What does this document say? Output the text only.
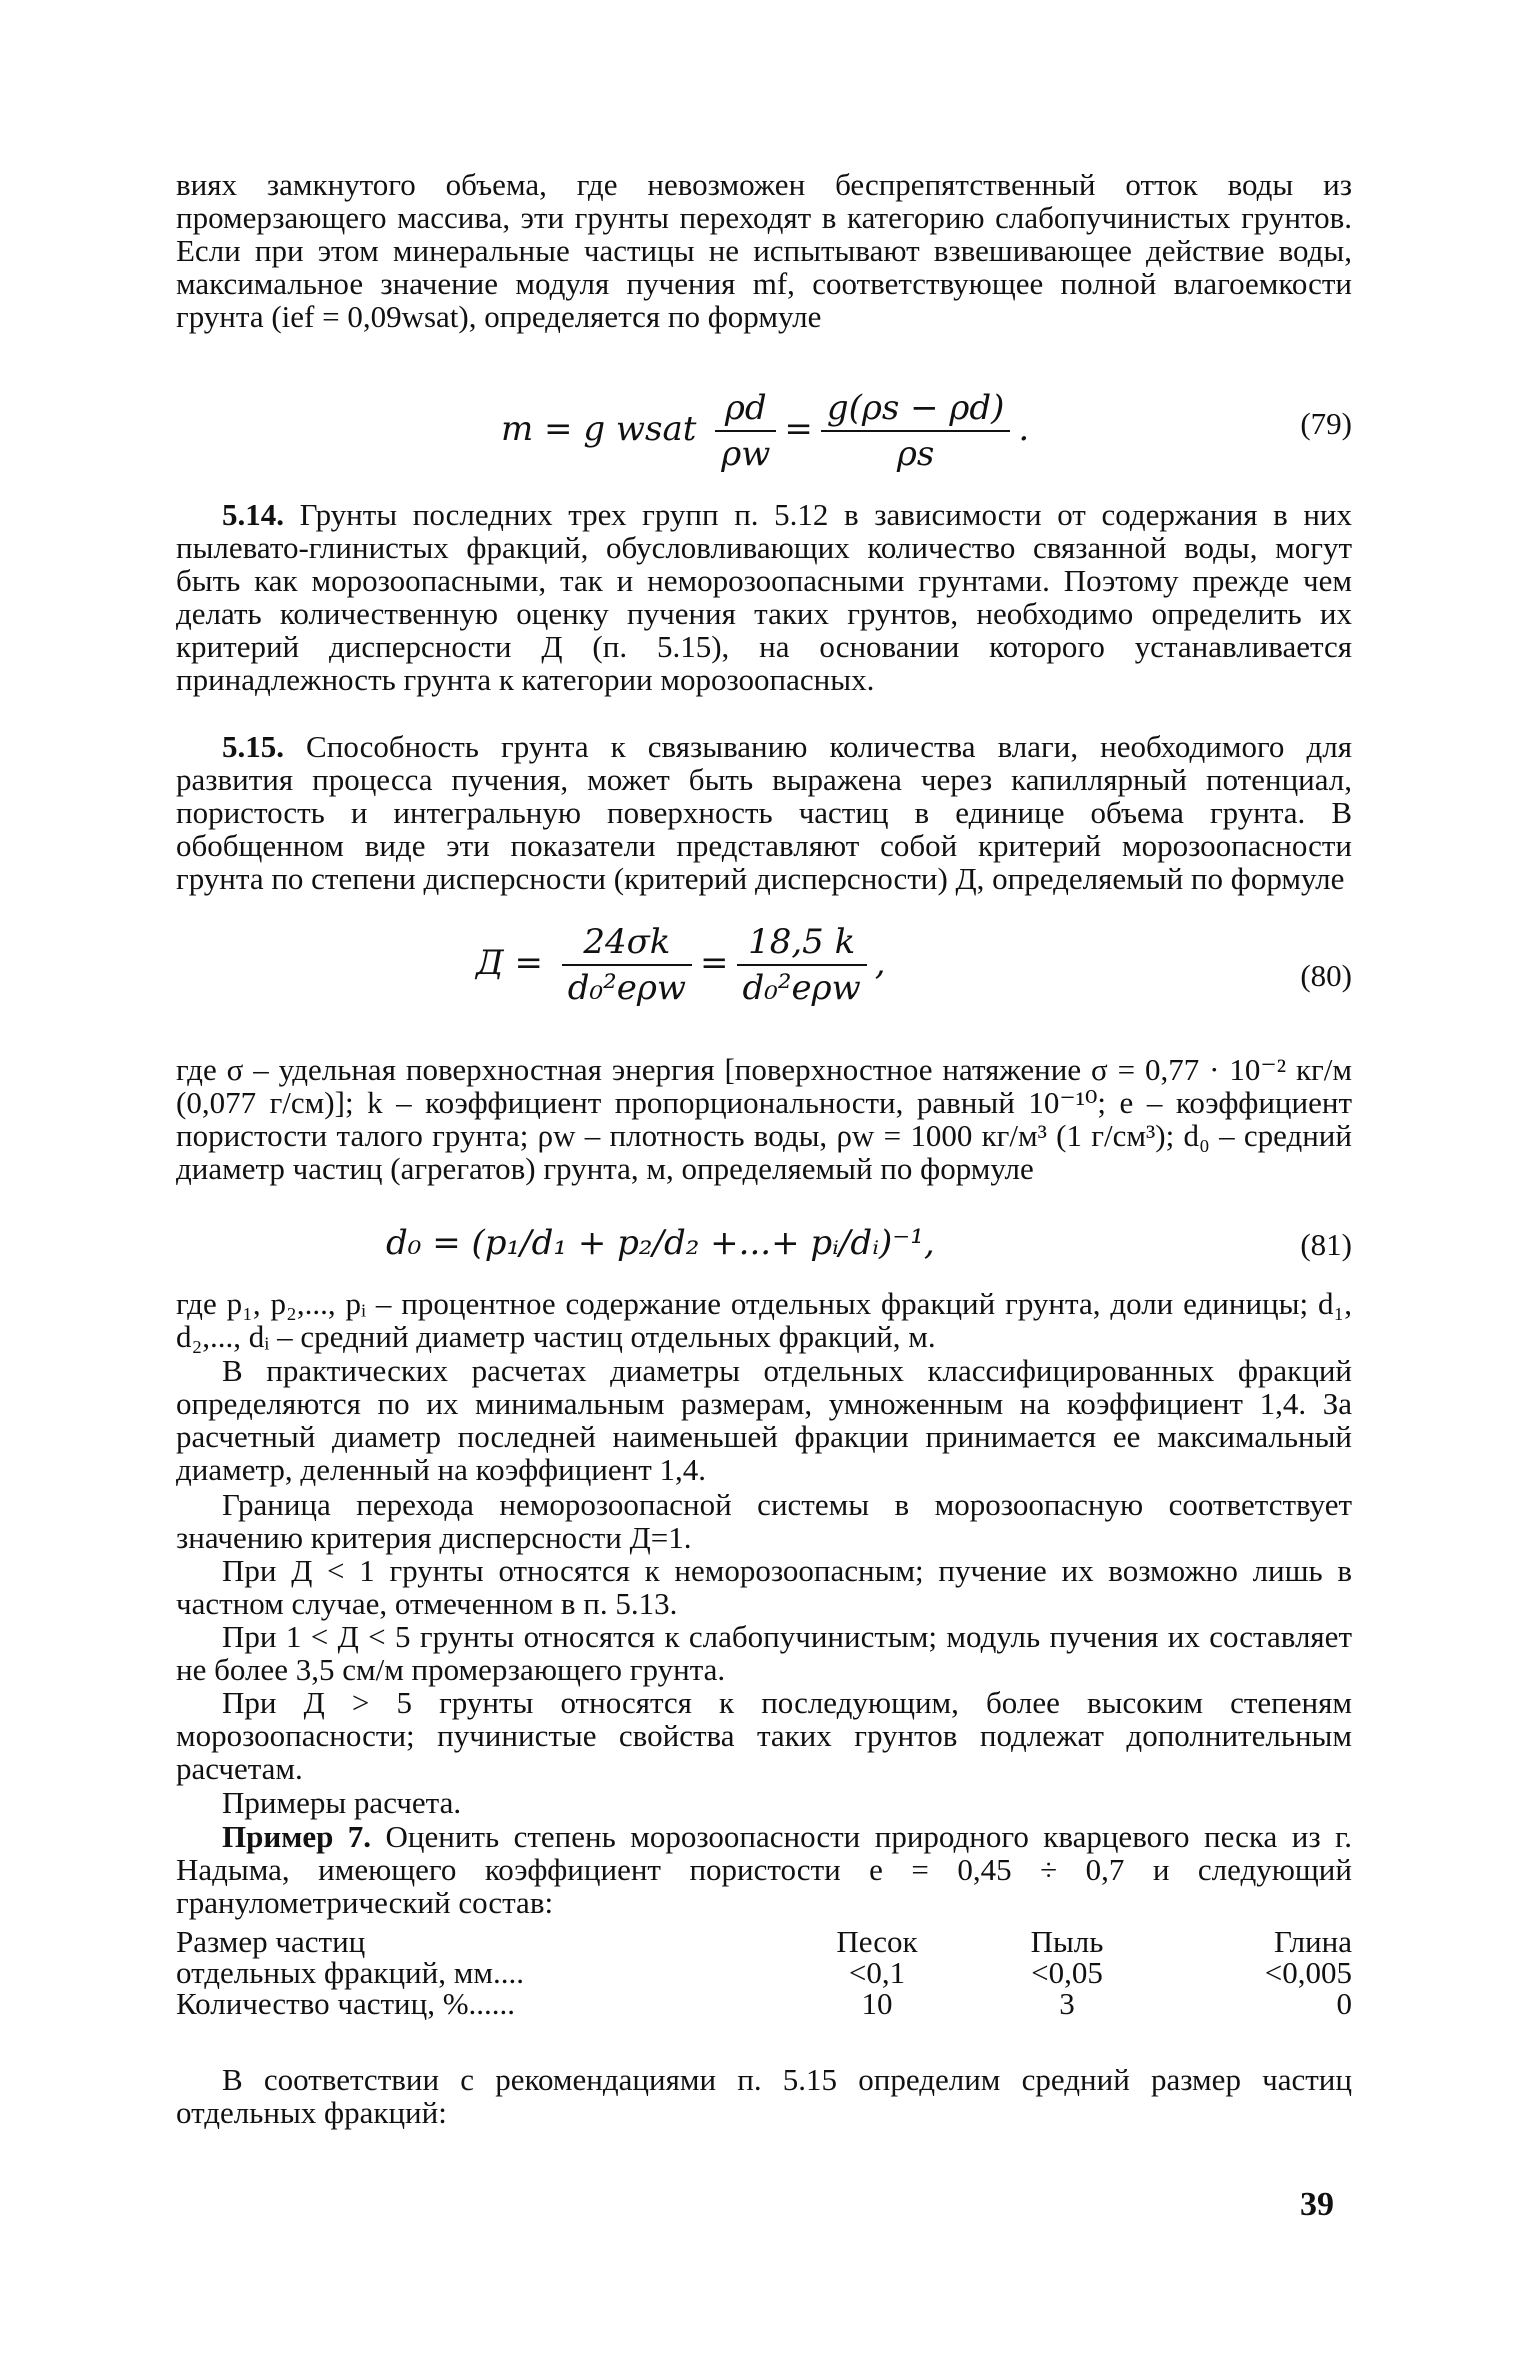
виях замкнутого объема, где невозможен беспрепятственный отток воды из промерзающего массива, эти грунты переходят в категорию слабопучинистых грунтов. Если при этом минеральные частицы не испытывают взвешивающее действие воды, максимальное значение модуля пучения mf, соответствующее полной влагоемкости грунта (ief = 0,09wsat), определяется по формуле

m = g wsat $\frac{\rho d}{\rho w} = \frac{g(\rho s - \rho d)}{\rho s}$ .	(79)

5.14. Грунты последних трех групп п. 5.12 в зависимости от содержания в них пылевато-глинистых фракций, обусловливающих количество связанной воды, могут быть как морозоопасными, так и неморозоопасными грунтами. Поэтому прежде чем делать количественную оценку пучения таких грунтов, необходимо определить их критерий дисперсности Д (п. 5.15), на основании которого устанавливается принадлежность грунта к категории морозоопасных.

5.15. Способность грунта к связыванию количества влаги, необходимого для развития процесса пучения, может быть выражена через капиллярный потенциал, пористость и интегральную поверхность частиц в единице объема грунта. В обобщенном виде эти показатели представляют собой критерий морозоопасности грунта по степени дисперсности (критерий дисперсности) Д, определяемый по формуле

$Д = \frac{24\sigma k}{\text{d₀²eρw}} = \frac{18,5 k}{\text{d₀²eρw}}$ ,	(80)

где σ – удельная поверхностная энергия [поверхностное натяжение σ = 0,77 · 10⁻² кг/м (0,077 г/см)]; k – коэффициент пропорциональности, равный 10⁻¹⁰; e – коэффициент пористости талого грунта; ρw – плотность воды, ρw = 1000 кг/м³ (1 г/см³); d₀ – средний диаметр частиц (агрегатов) грунта, м, определяемый по формуле

d₀ = (p₁/d₁ + p₂/d₂ +...+ pᵢ/dᵢ)⁻¹,	(81)

где p₁, p₂,..., pᵢ – процентное содержание отдельных фракций грунта, доли единицы; d₁, d₂,..., dᵢ – средний диаметр частиц отдельных фракций, м.

В практических расчетах диаметры отдельных классифицированных фракций определяются по их минимальным размерам, умноженным на коэффициент 1,4. За расчетный диаметр последней наименьшей фракции принимается ее максимальный диаметр, деленный на коэффициент 1,4.

Граница перехода неморозоопасной системы в морозоопасную соответствует значению критерия дисперсности Д=1.

При Д < 1 грунты относятся к неморозоопасным; пучение их возможно лишь в частном случае, отмеченном в п. 5.13.

При 1 < Д < 5 грунты относятся к слабопучинистым; модуль пучения их составляет не более 3,5 см/м промерзающего грунта.

При Д > 5 грунты относятся к последующим, более высоким степеням морозоопасности; пучинистые свойства таких грунтов подлежат дополнительным расчетам.

Примеры расчета.

Пример 7. Оценить степень морозоопасности природного кварцевого песка из г. Надыма, имеющего коэффициент пористости e = 0,45 ÷ 0,7 и следующий гранулометрический состав:

Размер частиц	Песок	Пыль	Глина
отдельных фракций, мм....	<0,1	<0,05	<0,005
Количество частиц, %......	10	3	0

В соответствии с рекомендациями п. 5.15 определим средний размер частиц отдельных фракций:

39
